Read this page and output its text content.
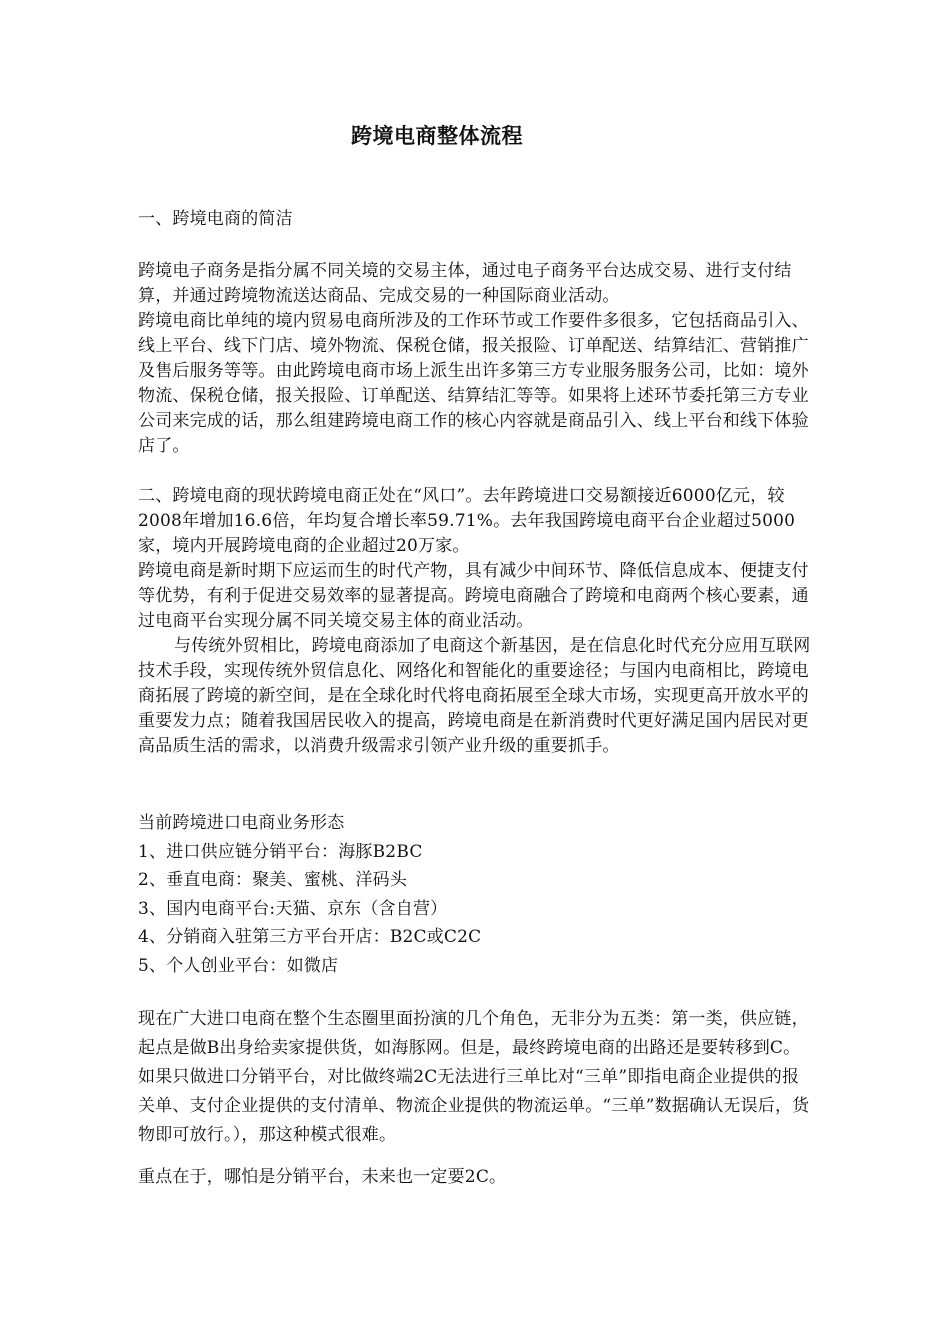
跨境电商整体流程

一、跨境电商的简洁

跨境电子商务是指分属不同关境的交易主体，通过电子商务平台达成交易、进行支付结算，并通过跨境物流送达商品、完成交易的一种国际商业活动。

跨境电商比单纯的境内贸易电商所涉及的工作环节或工作要件多很多，它包括商品引入、线上平台、线下门店、境外物流、保税仓储，报关报险、订单配送、结算结汇、营销推广及售后服务等等。由此跨境电商市场上派生出许多第三方专业服务服务公司，比如：境外物流、保税仓储，报关报险、订单配送、结算结汇等等。如果将上述环节委托第三方专业公司来完成的话，那么组建跨境电商工作的核心内容就是商品引入、线上平台和线下体验店了。

二、跨境电商的现状跨境电商正处在“风口”。去年跨境进口交易额接近6000亿元，较2008年增加16.6倍，年均复合增长率59.71%。去年我国跨境电商平台企业超过5000家，境内开展跨境电商的企业超过20万家。

跨境电商是新时期下应运而生的时代产物，具有减少中间环节、降低信息成本、便捷支付等优势，有利于促进交易效率的显著提高。跨境电商融合了跨境和电商两个核心要素，通过电商平台实现分属不同关境交易主体的商业活动。

与传统外贸相比，跨境电商添加了电商这个新基因，是在信息化时代充分应用互联网技术手段，实现传统外贸信息化、网络化和智能化的重要途径；与国内电商相比，跨境电商拓展了跨境的新空间，是在全球化时代将电商拓展至全球大市场，实现更高开放水平的重要发力点；随着我国居民收入的提高，跨境电商是在新消费时代更好满足国内居民对更高品质生活的需求，以消费升级需求引领产业升级的重要抓手。

当前跨境进口电商业务形态

1、进口供应链分销平台：海豚B2BC

2、垂直电商：聚美、蜜桃、洋码头

3、国内电商平台:天猫、京东（含自营）

4、分销商入驻第三方平台开店：B2C或C2C

5、个人创业平台：如微店

现在广大进口电商在整个生态圈里面扮演的几个角色，无非分为五类：第一类，供应链，起点是做B出身给卖家提供货，如海豚网。但是，最终跨境电商的出路还是要转移到C。如果只做进口分销平台，对比做终端2C无法进行三单比对“三单”即指电商企业提供的报关单、支付企业提供的支付清单、物流企业提供的物流运单。“三单”数据确认无误后，货物即可放行。），那这种模式很难。

重点在于，哪怕是分销平台，未来也一定要2C。
